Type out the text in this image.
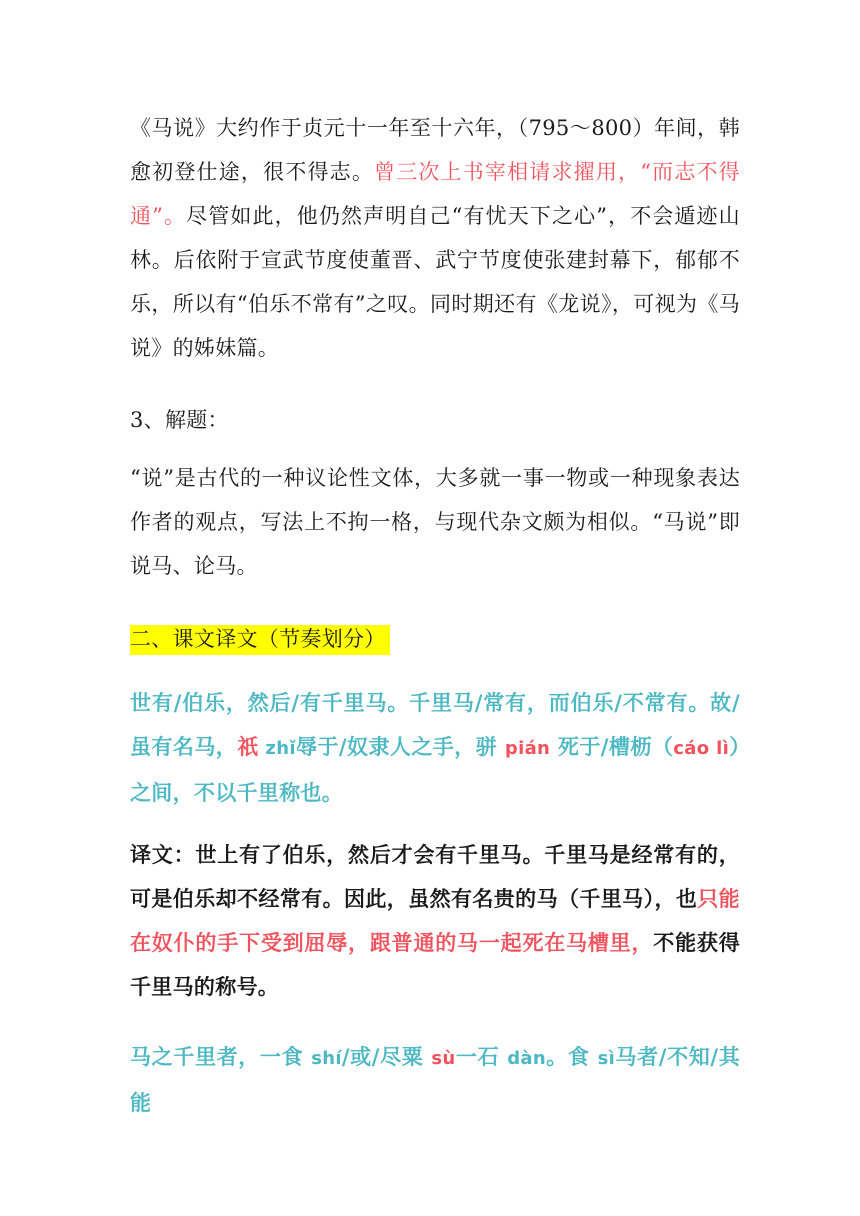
《马说》大约作于贞元十一年至十六年，（795～800）年间，韩愈初登仕途，很不得志。曾三次上书宰相请求擢用，“而志不得通”。尽管如此，他仍然声明自己“有忧天下之心”，不会遁迹山林。后依附于宣武节度使董晋、武宁节度使张建封幕下，郁郁不乐，所以有“伯乐不常有”之叹。同时期还有《龙说》，可视为《马说》的姊妹篇。

3、解题：

“说”是古代的一种议论性文体，大多就一事一物或一种现象表达作者的观点，写法上不拘一格，与现代杂文颇为相似。“马说”即说马、论马。

二、课文译文（节奏划分）

世有/伯乐，然后/有千里马。千里马/常有，而伯乐/不常有。故/虽有名马，祇 zhǐ辱于/奴隶人之手，骈 pián 死于/槽枥（cáo lì）之间，不以千里称也。

译文：世上有了伯乐，然后才会有千里马。千里马是经常有的，可是伯乐却不经常有。因此，虽然有名贵的马（千里马），也只能在奴仆的手下受到屈辱，跟普通的马一起死在马槽里，不能获得千里马的称号。

马之千里者，一食 shí/或/尽粟 sù一石 dàn。食 sì马者/不知/其能
